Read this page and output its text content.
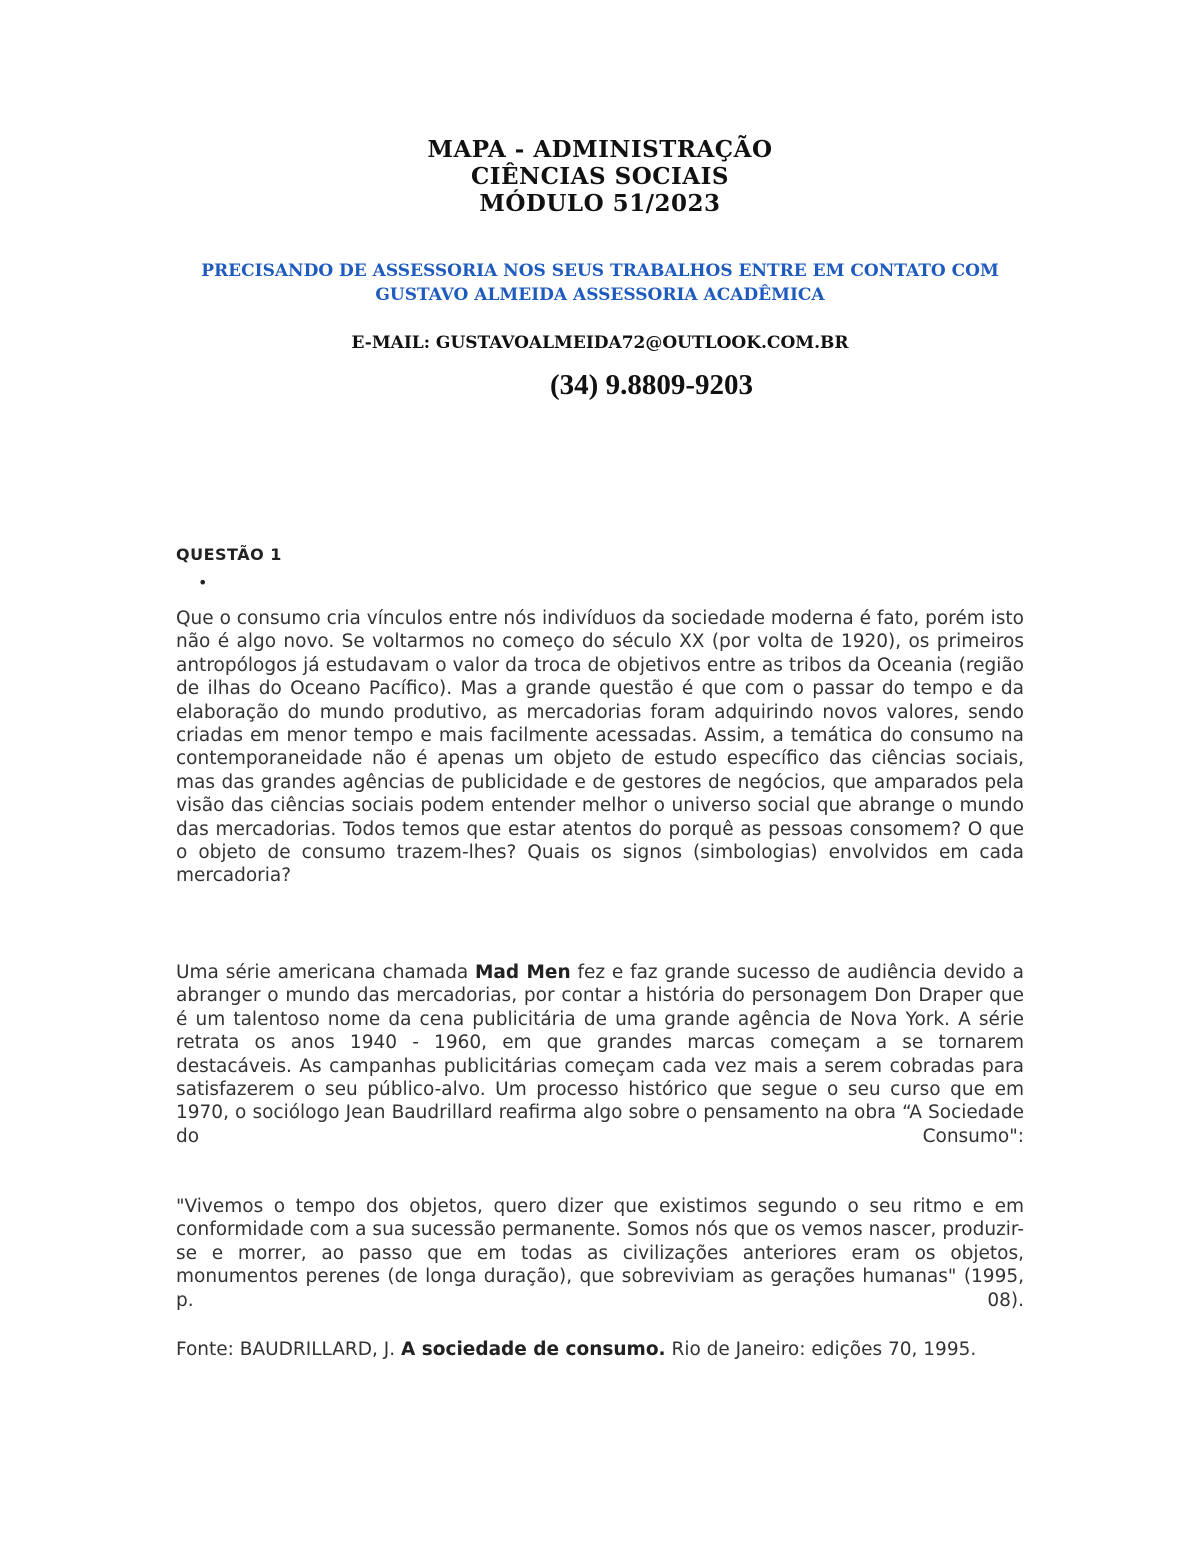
MAPA - ADMINISTRAÇÃO
CIÊNCIAS SOCIAIS
MÓDULO 51/2023
PRECISANDO DE ASSESSORIA NOS SEUS TRABALHOS ENTRE EM CONTATO COM
GUSTAVO ALMEIDA ASSESSORIA ACADÊMICA
E-MAIL: GUSTAVOALMEIDA72@OUTLOOK.COM.BR
(34) 9.8809-9203
QUESTÃO 1
•
Que o consumo cria vínculos entre nós indivíduos da sociedade moderna é fato, porém isto não é algo novo. Se voltarmos no começo do século XX (por volta de 1920), os primeiros antropólogos já estudavam o valor da troca de objetivos entre as tribos da Oceania (região de ilhas do Oceano Pacífico). Mas a grande questão é que com o passar do tempo e da elaboração do mundo produtivo, as mercadorias foram adquirindo novos valores, sendo criadas em menor tempo e mais facilmente acessadas. Assim, a temática do consumo na contemporaneidade não é apenas um objeto de estudo específico das ciências sociais, mas das grandes agências de publicidade e de gestores de negócios, que amparados pela visão das ciências sociais podem entender melhor o universo social que abrange o mundo das mercadorias. Todos temos que estar atentos do porquê as pessoas consomem? O que o objeto de consumo trazem-lhes? Quais os signos (simbologias) envolvidos em cada mercadoria?
Uma série americana chamada Mad Men fez e faz grande sucesso de audiência devido a abranger o mundo das mercadorias, por contar a história do personagem Don Draper que é um talentoso nome da cena publicitária de uma grande agência de Nova York. A série retrata os anos 1940 - 1960, em que grandes marcas começam a se tornarem destacáveis. As campanhas publicitárias começam cada vez mais a serem cobradas para satisfazerem o seu público-alvo. Um processo histórico que segue o seu curso que em 1970, o sociólogo Jean Baudrillard reafirma algo sobre o pensamento na obra “A Sociedade do Consumo":
"Vivemos o tempo dos objetos, quero dizer que existimos segundo o seu ritmo e em conformidade com a sua sucessão permanente. Somos nós que os vemos nascer, produzir-se e morrer, ao passo que em todas as civilizações anteriores eram os objetos, monumentos perenes (de longa duração), que sobreviviam as gerações humanas" (1995, p. 08).
Fonte: BAUDRILLARD, J. A sociedade de consumo. Rio de Janeiro: edições 70, 1995.
